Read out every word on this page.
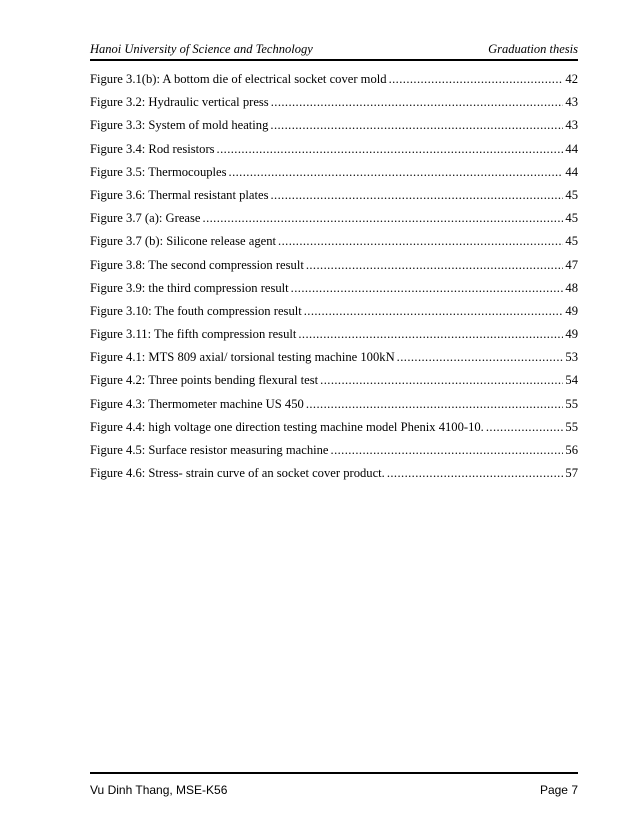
Hanoi University of Science and Technology	Graduation thesis
Figure 3.1(b): A bottom die of electrical socket cover mold .....	42
Figure 3.2: Hydraulic vertical press .....	43
Figure 3.3: System of mold heating .....	43
Figure 3.4: Rod resistors .....	44
Figure 3.5: Thermocouples .....	44
Figure 3.6: Thermal resistant plates .....	45
Figure 3.7 (a): Grease .....	45
Figure 3.7 (b): Silicone release agent .....	45
Figure 3.8: The second compression result .....	47
Figure 3.9: the third compression result .....	48
Figure 3.10: The fouth compression result .....	49
Figure 3.11: The fifth compression result .....	49
Figure 4.1: MTS 809 axial/ torsional testing machine 100kN .....	53
Figure 4.2: Three points bending flexural test .....	54
Figure 4.3: Thermometer machine US 450 .....	55
Figure 4.4: high voltage one direction testing machine model Phenix 4100-10. .....	55
Figure 4.5: Surface resistor measuring machine .....	56
Figure 4.6: Stress- strain curve of an socket cover product. .....	57
Vu Dinh Thang, MSE-K56	Page 7
